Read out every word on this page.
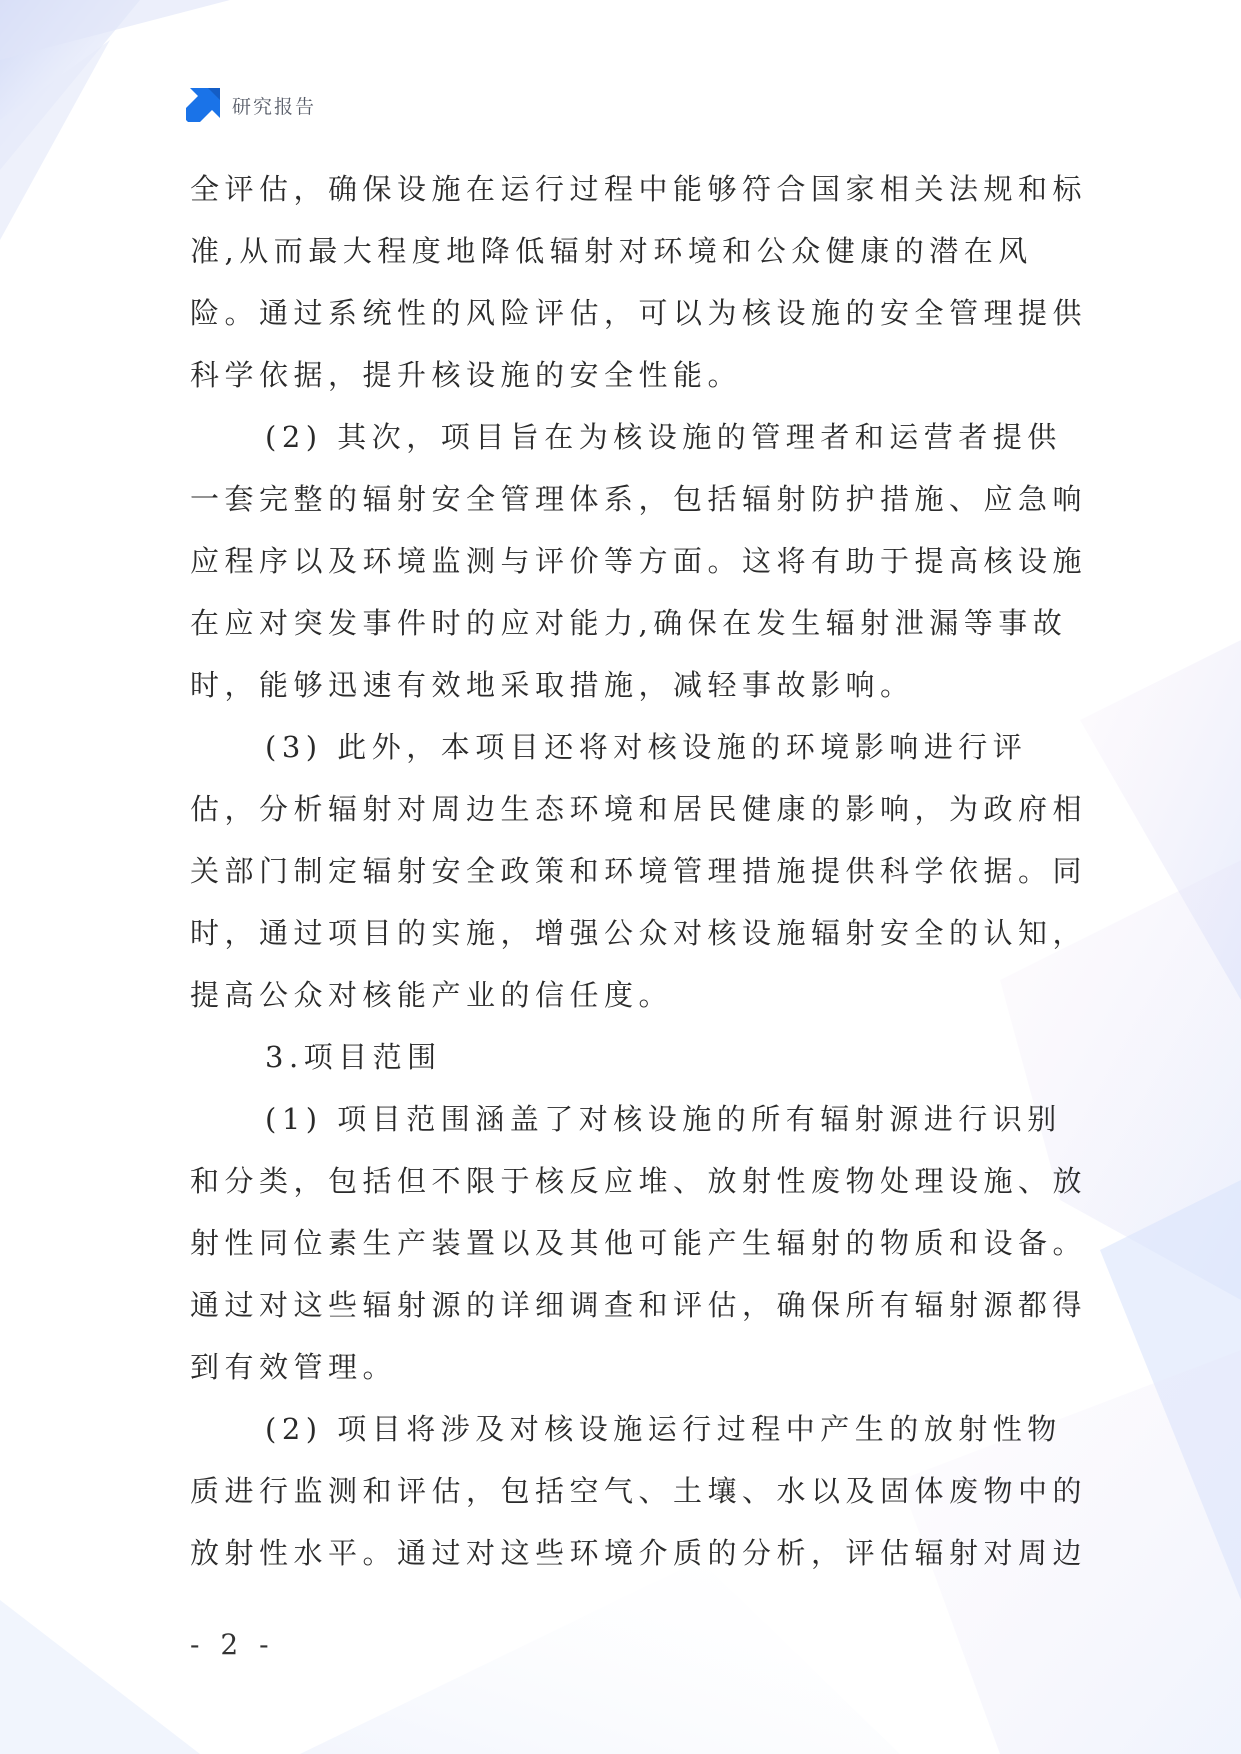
研究报告

全评估，确保设施在运行过程中能够符合国家相关法规和标准,从而最大程度地降低辐射对环境和公众健康的潜在风险。通过系统性的风险评估，可以为核设施的安全管理提供科学依据，提升核设施的安全性能。

(2) 其次，项目旨在为核设施的管理者和运营者提供一套完整的辐射安全管理体系，包括辐射防护措施、应急响应程序以及环境监测与评价等方面。这将有助于提高核设施在应对突发事件时的应对能力,确保在发生辐射泄漏等事故时，能够迅速有效地采取措施，减轻事故影响。

(3) 此外，本项目还将对核设施的环境影响进行评估，分析辐射对周边生态环境和居民健康的影响，为政府相关部门制定辐射安全政策和环境管理措施提供科学依据。同时，通过项目的实施，增强公众对核设施辐射安全的认知，提高公众对核能产业的信任度。

3.项目范围

(1) 项目范围涵盖了对核设施的所有辐射源进行识别和分类，包括但不限于核反应堆、放射性废物处理设施、放射性同位素生产装置以及其他可能产生辐射的物质和设备。通过对这些辐射源的详细调查和评估，确保所有辐射源都得到有效管理。

(2) 项目将涉及对核设施运行过程中产生的放射性物质进行监测和评估，包括空气、土壤、水以及固体废物中的放射性水平。通过对这些环境介质的分析，评估辐射对周边

- 2 -
